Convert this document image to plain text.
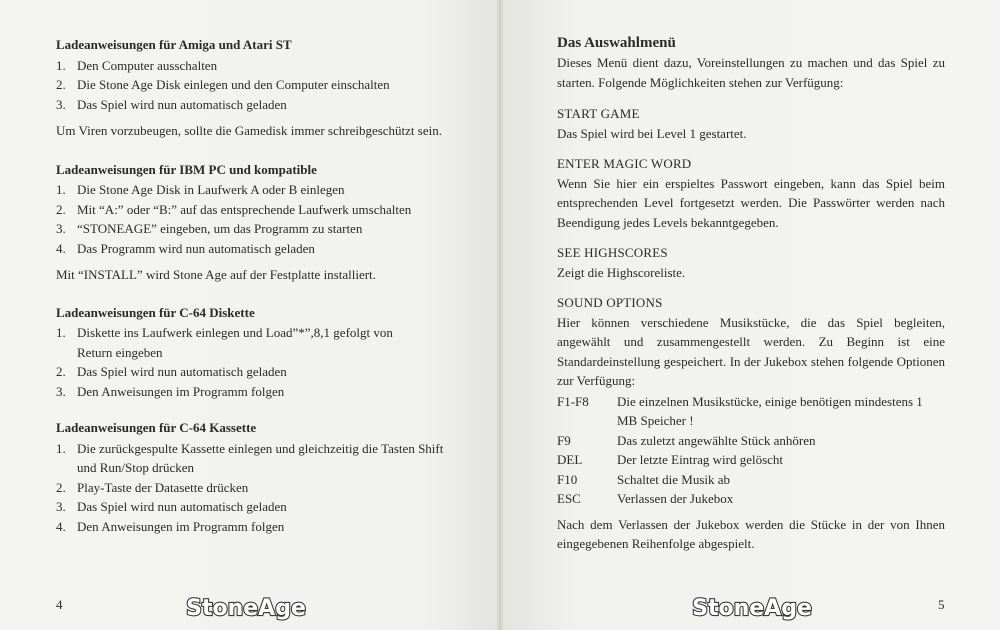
Ladeanweisungen für Amiga und Atari ST
1. Den Computer ausschalten
2. Die Stone Age Disk einlegen und den Computer einschalten
3. Das Spiel wird nun automatisch geladen

Um Viren vorzubeugen, sollte die Gamedisk immer schreibgeschützt sein.

Ladeanweisungen für IBM PC und kompatible
1. Die Stone Age Disk in Laufwerk A oder B einlegen
2. Mit “A:” oder “B:” auf das entsprechende Laufwerk umschalten
3. “STONEAGE” eingeben, um das Programm zu starten
4. Das Programm wird nun automatisch geladen

Mit “INSTALL” wird Stone Age auf der Festplatte installiert.

Ladeanweisungen für C-64 Diskette
1. Diskette ins Laufwerk einlegen und Load”*”,8,1 gefolgt von Return eingeben
2. Das Spiel wird nun automatisch geladen
3. Den Anweisungen im Programm folgen
Ladeanweisungen für C-64 Kassette
1. Die zurückgespulte Kassette einlegen und gleichzeitig die Tasten Shift und Run/Stop drücken
2. Play-Taste der Datasette drücken
3. Das Spiel wird nun automatisch geladen
4. Den Anweisungen im Programm folgen
4	StoneAge	5
StoneAge
Das Auswahlmenü

Dieses Menü dient dazu, Voreinstellungen zu machen und das Spiel zu starten. Folgende Möglichkeiten stehen zur Verfügung:

START GAME

Das Spiel wird bei Level 1 gestartet.

ENTER MAGIC WORD

Wenn Sie hier ein erspieltes Passwort eingeben, kann das Spiel beim entsprechenden Level fortgesetzt werden. Die Passwörter werden nach Beendigung jedes Levels bekanntgegeben.

SEE HIGHSCORES

Zeigt die Highscoreliste.

SOUND OPTIONS

Hier können verschiedene Musikstücke, die das Spiel begleiten, angewählt und zusammengestellt werden. Zu Beginn ist eine Standardeinstellung gespeichert. In der Jukebox stehen folgende Optionen zur Verfügung:

F1-F8	Die einzelnen Musikstücke, einige benötigen mindestens 1 MB Speicher !
F9	Das zuletzt angewählte Stück anhören
DEL	Der letzte Eintrag wird gelöscht
F10	Schaltet die Musik ab
ESC	Verlassen der Jukebox

Nach dem Verlassen der Jukebox werden die Stücke in der von Ihnen eingegebenen Reihenfolge abgespielt.
